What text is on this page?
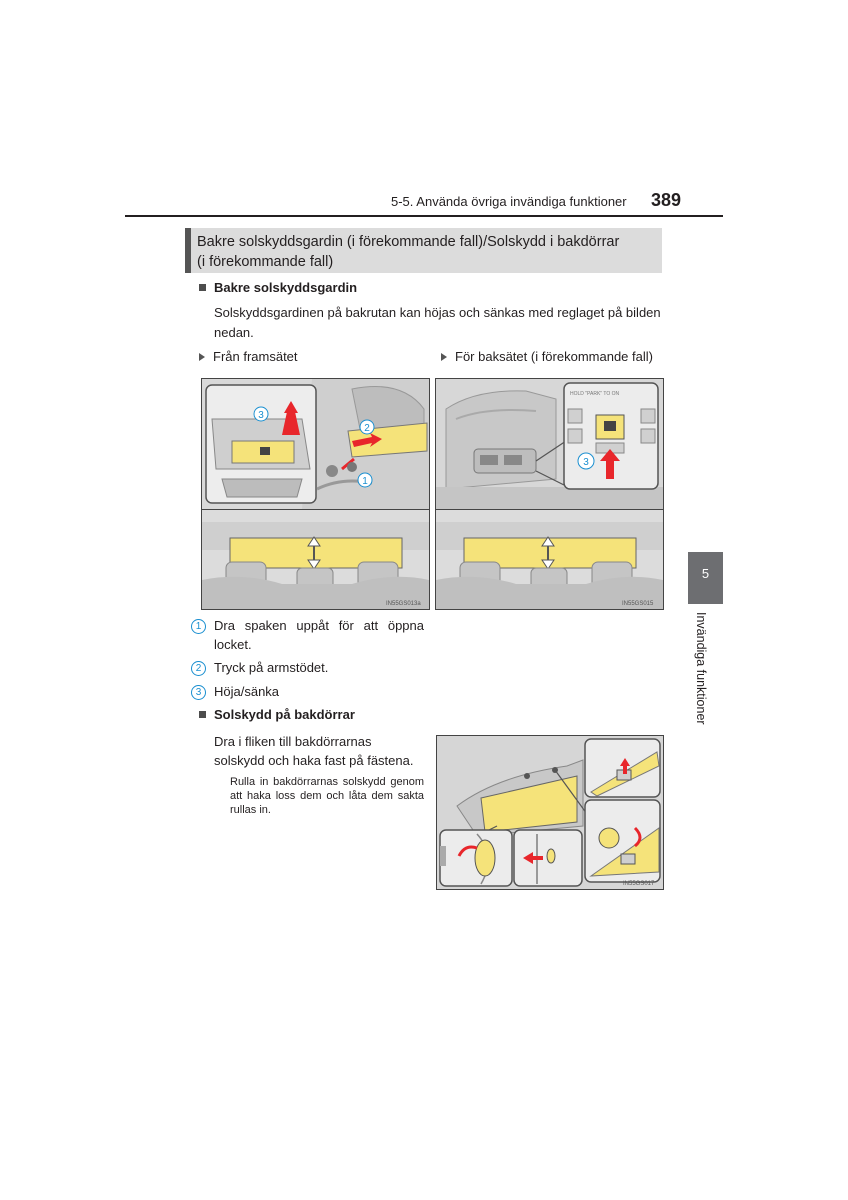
5-5. Använda övriga invändiga funktioner 389
Bakre solskyddsgardin (i förekommande fall)/Solskydd i bakdörrar
(i förekommande fall)
Bakre solskyddsgardin
Solskyddsgardinen på bakrutan kan höjas och sänkas med reglaget på bilden nedan.
Från framsätet	För baksätet (i förekommande fall)
3
2
1
IN55GS013a
HOLD "PARK" TO ON
3
IN55GS015
1 Dra spaken uppåt för att öppna locket.
2 Tryck på armstödet.
3 Höja/sänka
Solskydd på bakdörrar
Dra i fliken till bakdörrarnas solskydd och haka fast på fästena.
Rulla in bakdörrarnas solskydd genom att haka loss dem och låta dem sakta rullas in.
IN55GS017
5
Invändiga funktioner
